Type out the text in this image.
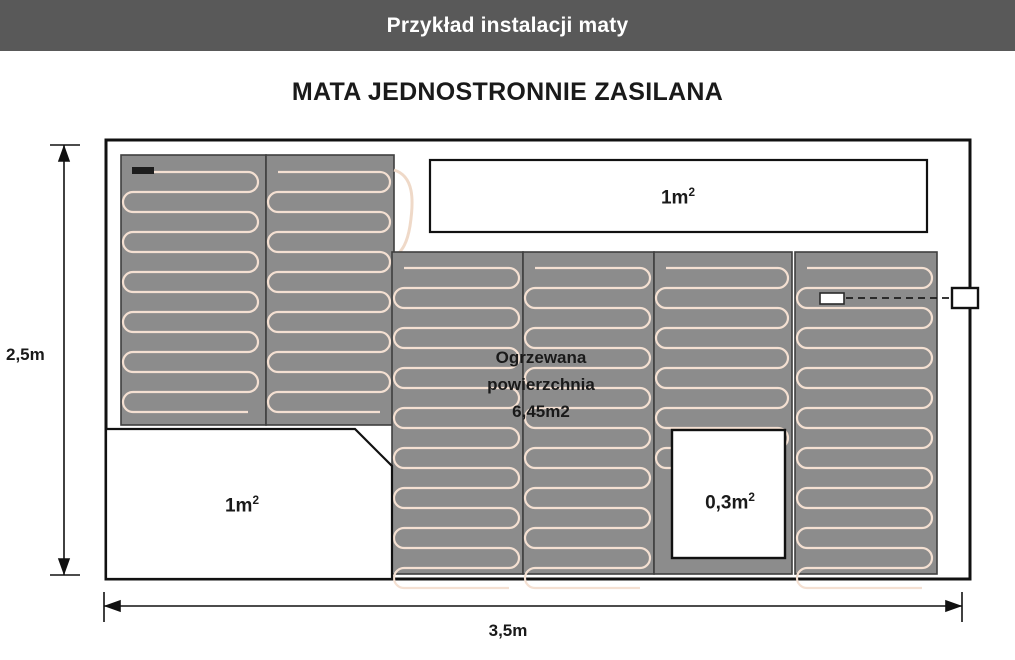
Przykład instalacji maty
MATA JEDNOSTRONNIE ZASILANA
2,5m
3,5m
$1m^2$
$1m^2$	$0,3m^2$
Ogrzewana
powierzchnia
6,45m2
